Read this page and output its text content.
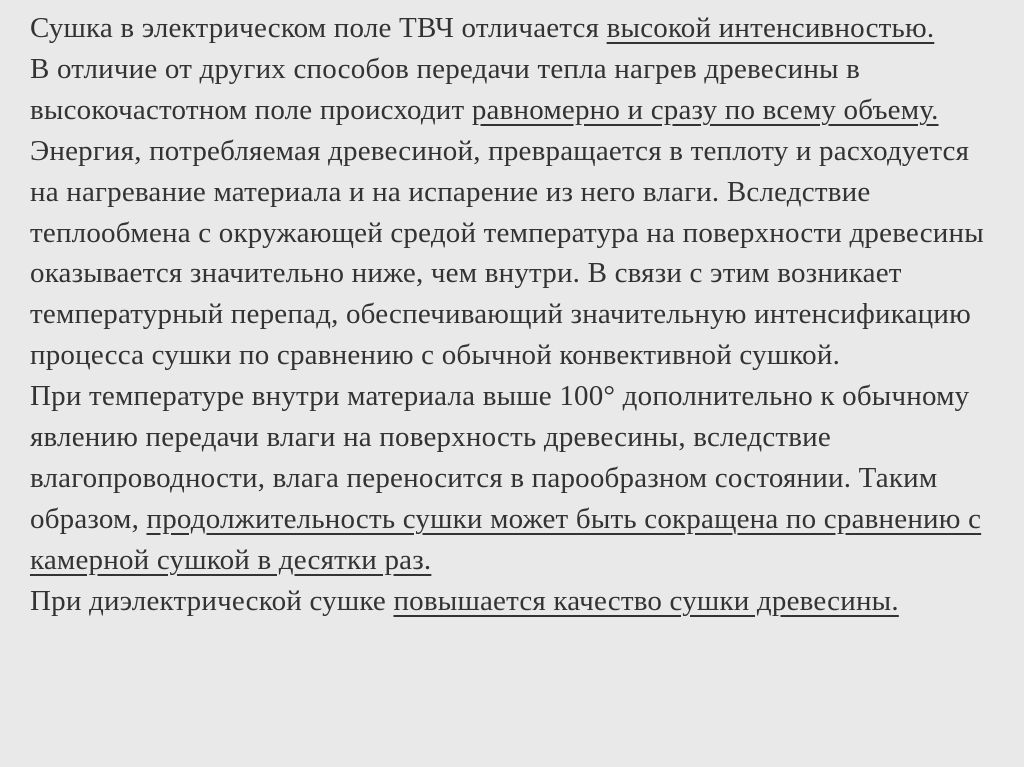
Сушка в электрическом поле ТВЧ отличается высокой интенсивностью.

В отличие от других способов передачи тепла нагрев древесины в высокочастотном поле происходит равномерно и сразу по всему объему. Энергия, потребляемая древесиной, превращается в теплоту и расходуется на нагревание материала и на испарение из него влаги. Вследствие теплообмена с окружающей средой температура на поверхности древесины оказывается значительно ниже, чем внутри. В связи с этим возникает температурный перепад, обеспечивающий значительную интенсификацию процесса сушки по сравнению с обычной конвективной сушкой.

При температуре внутри материала выше 100° дополнительно к обычному явлению передачи влаги на поверхность древесины, вследствие влагопроводности, влага переносится в парообразном состоянии. Таким образом, продолжительность сушки может быть сокращена по сравнению с камерной сушкой в десятки раз.

При диэлектрической сушке повышается качество сушки древесины.
